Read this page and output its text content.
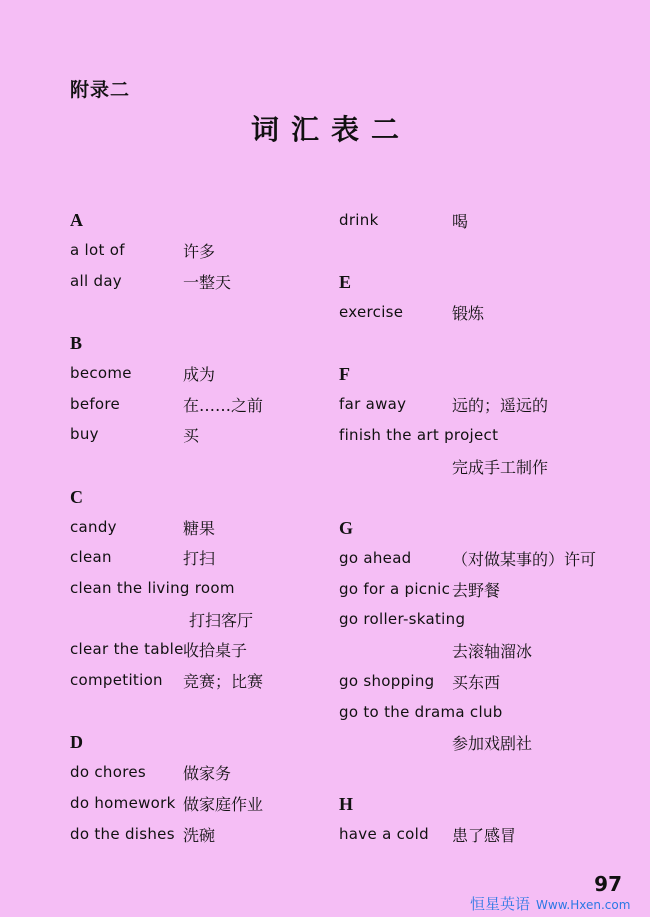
附录二
词汇表二
A
a lot of	许多
all day	一整天
B
become	成为
before	在……之前
buy	买
C
candy	糖果
clean	打扫
clean the living room
打扫客厅
clear the table 收拾桌子
competition 竞赛；比赛
D
do chores 做家务
do homework 做家庭作业
do the dishes 洗碗
drink	喝
E
exercise	锻炼
F
far away	远的；遥远的
finish the art project
完成手工制作
G
go ahead	（对做某事的）许可
go for a picnic 去野餐
go roller-skating
去滚轴溜冰
go shopping 买东西
go to the drama club
参加戏剧社
H
have a cold 患了感冒
97
恒星英语 Www.Hxen.com
